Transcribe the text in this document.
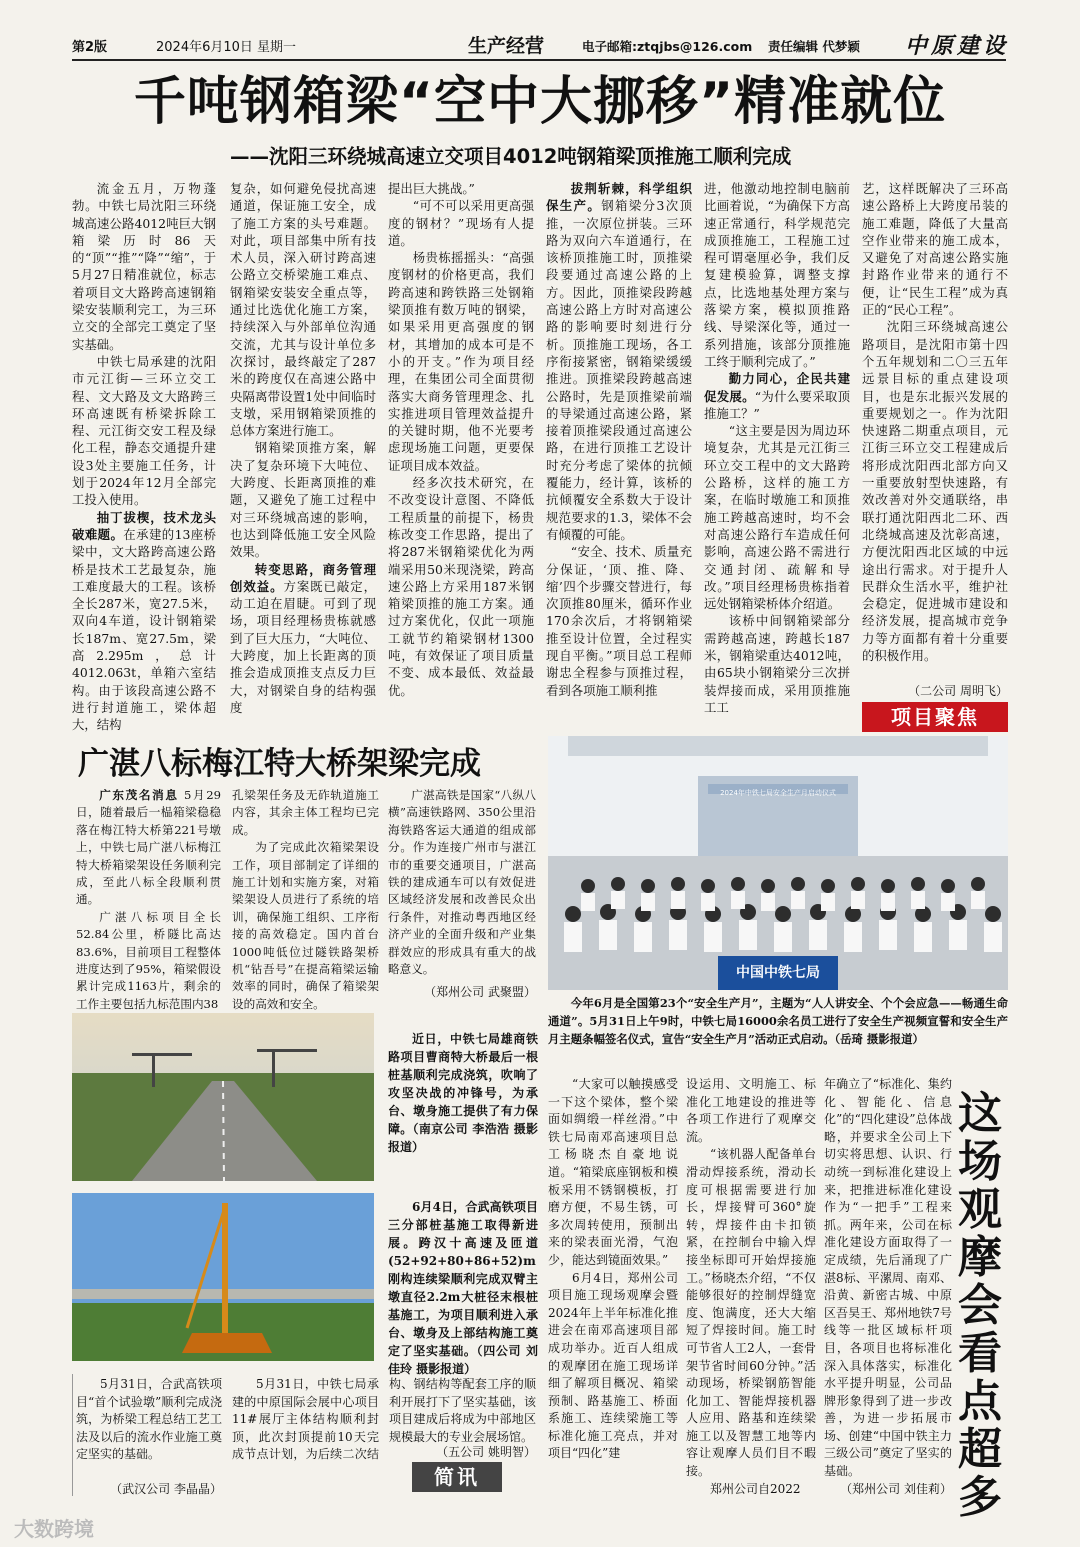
第2版	2024年6月10日 星期一	生产经营	电子邮箱:ztqjbs@126.com 责任编辑 代梦颖 中原建设
千吨钢箱梁“空中大挪移”精准就位
——沈阳三环绕城高速立交项目4012吨钢箱梁顶推施工顺利完成

流金五月，万物蓬勃。中铁七局沈阳三环绕城高速公路4012吨巨大钢箱梁历时86天的“顶”“推”“降”“缩”，于5月27日精准就位，标志着项目文大路跨高速钢箱梁安装顺利完工，为三环立交的全部完工奠定了坚实基础。

中铁七局承建的沈阳市元江街—三环立交工程、文大路及文大路跨三环高速既有桥梁拆除工程、元江街交安工程及绿化工程，静态交通提升建设3处主要施工任务，计划于2024年12月全部完工投入使用。

抽丁拔楔，技术龙头破难题。在承建的13座桥梁中，文大路跨高速公路桥是技术工艺最复杂，施工难度最大的工程。该桥全长287米，宽27.5米，双向4车道，设计钢箱梁长187m、宽27.5m，梁高2.295m，总计4012.063t，单箱六室结构。由于该段高速公路不进行封道施工，梁体超大，结构

复杂，如何避免侵扰高速通道，保证施工安全，成了施工方案的头号难题。对此，项目部集中所有技术人员，深入研讨跨高速公路立交桥梁施工难点、钢箱梁安装安全重点等，通过比选优化施工方案，持续深入与外部单位沟通交流，尤其与设计单位多次探讨，最终敲定了287米的跨度仅在高速公路中央隔离带设置1处中间临时支墩，采用钢箱梁顶推的总体方案进行施工。

钢箱梁顶推方案，解决了复杂环境下大吨位、大跨度、长距离顶推的难题，又避免了施工过程中对三环绕城高速的影响，也达到降低施工安全风险效果。

转变思路，商务管理创效益。方案既已敲定，动工迫在眉睫。可到了现场，项目经理杨贵栋就感到了巨大压力，“大吨位、大跨度，加上长距离的顶推会造成顶推支点反力巨大，对钢梁自身的结构强度

提出巨大挑战。”

“可不可以采用更高强度的钢材？”现场有人提道。

杨贵栋摇摇头：“高强度钢材的价格更高，我们跨高速和跨铁路三处钢箱梁顶推有数万吨的钢梁，如果采用更高强度的钢材，其增加的成本可是不小的开支。”作为项目经理，在集团公司全面贯彻落实大商务管理理念、扎实推进项目管理效益提升的关键时期，他不光要考虑现场施工问题，更要保证项目成本效益。

经多次技术研究，在不改变设计意图、不降低工程质量的前提下，杨贵栋改变工作思路，提出了将287米钢箱梁优化为两端采用50米现浇梁，跨高速公路上方采用187米钢箱梁顶推的施工方案。通过方案优化，仅此一项施工就节约箱梁钢材1300吨，有效保证了项目质量不变、成本最低、效益最优。

拔荆斩棘，科学组织保生产。钢箱梁分3次顶推，一次原位拼装。三环路为双向六车道通行，在该桥顶推施工时，顶推梁段要通过高速公路的上方。因此，顶推梁段跨越高速公路上方时对高速公路的影响要时刻进行分析。顶推施工现场，各工序衔接紧密，钢箱梁缓缓推进。顶推梁段跨越高速公路时，先是顶推梁前端的导梁通过高速公路，紧接着顶推梁段通过高速公路，在进行顶推工艺设计时充分考虑了梁体的抗倾覆能力，经计算，该桥的抗倾覆安全系数大于设计规范要求的1.3，梁体不会有倾覆的可能。

“安全、技术、质量充分保证，‘顶、推、降、缩’四个步骤交替进行，每次顶推80厘米，循环作业170余次后，才将钢箱梁推至设计位置，全过程实现自平衡。”项目总工程师谢忠全程参与顶推过程，看到各项施工顺利推

进，他激动地控制电脑前比画着说，“为确保下方高速正常通行，科学规范完成顶推施工，工程施工过程可谓毫厘必争，我们反复建模验算，调整支撑点，比选地基处理方案与落梁方案，模拟顶推路线、导梁深化等，通过一系列措施，该部分顶推施工终于顺利完成了。”

勤力同心，企民共建促发展。“为什么要采取顶推施工？”

“这主要是因为周边环境复杂，尤其是元江街三环立交工程中的文大路跨公路桥，这样的施工方案，在临时墩施工和顶推施工跨越高速时，均不会对高速公路行车造成任何影响，高速公路不需进行交通封闭、疏解和导改。”项目经理杨贵栋指着远处钢箱梁桥体介绍道。

该桥中间钢箱梁部分需跨越高速，跨越长187米，钢箱梁重达4012吨，由65块小钢箱梁分三次拼装焊接而成，采用顶推施工工

艺，这样既解决了三环高速公路桥上大跨度吊装的施工难题，降低了大量高空作业带来的施工成本，又避免了对高速公路实施封路作业带来的通行不便，让“民生工程”成为真正的“民心工程”。

沈阳三环绕城高速公路项目，是沈阳市第十四个五年规划和二〇三五年远景目标的重点建设项目，也是东北振兴发展的重要规划之一。作为沈阳快速路二期重点项目，元江街三环立交工程建成后将形成沈阳西北部方向又一重要放射型快速路，有效改善对外交通联络，串联打通沈阳西北二环、西北绕城高速及沈彰高速，方便沈阳西北区域的中远途出行需求。对于提升人民群众生活水平，维护社会稳定，促进城市建设和经济发展，提高城市竞争力等方面都有着十分重要的积极作用。

（二公司 周明飞）
项目聚焦
广湛八标梅江特大桥架梁完成

广东茂名消息 5月29日，随着最后一榀箱梁稳稳落在梅江特大桥第221号墩上，中铁七局广湛八标梅江特大桥箱梁架设任务顺利完成，至此八标全段顺利贯通。

广湛八标项目全长52.84公里，桥隧比高达83.6%，目前项目工程整体进度达到了95%，箱梁假设累计完成1163片，剩余的工作主要包括九标范围内38

孔梁架任务及无砟轨道施工内容，其余主体工程均已完成。

为了完成此次箱梁架设工作，项目部制定了详细的施工计划和实施方案，对箱梁架设人员进行了系统的培训，确保施工组织、工序衔接的高效稳定。国内首台1000吨低位过隧铁路架桥机“钻吾号”在提高箱梁运输效率的同时，确保了箱梁架设的高效和安全。

广湛高铁是国家“八纵八横”高速铁路网、350公里沿海铁路客运大通道的组成部分。作为连接广州市与湛江市的重要交通项目，广湛高铁的建成通车可以有效促进区域经济发展和改善民众出行条件，对推动粤西地区经济产业的全面升级和产业集群效应的形成具有重大的战略意义。

（郑州公司 武聚盟）
2024年中铁七局安全生产月启动仪式
中国中铁七局

今年6月是全国第23个“安全生产月”，主题为“人人讲安全、个个会应急——畅通生命通道”。5月31日上午9时，中铁七局16000余名员工进行了安全生产视频宣誓和安全生产月主题条幅签名仪式，宣告“安全生产月”活动正式启动。（岳琦 摄影报道）

近日，中铁七局雄商铁路项目曹商特大桥最后一根桩基顺利完成浇筑，吹响了攻坚决战的冲锋号，为承台、墩身施工提供了有力保障。（南京公司 李浩浩 摄影报道）

6月4日，合武高铁项目三分部桩基施工取得新进展。跨汉十高速及匝道(52+92+80+86+52)m刚构连续梁顺利完成双臂主墩直径2.2m大桩径末根桩基施工，为项目顺利进入承台、墩身及上部结构施工奠定了坚实基础。（四公司 刘佳玲 摄影报道）

5月31日，合武高铁项目“首个试验墩”顺利完成浇筑，为桥梁工程总结工艺工法及以后的流水作业施工奠定坚实的基础。

（武汉公司 李晶晶）

5月31日，中铁七局承建的中原国际会展中心项目11#展厅主体结构顺利封顶，此次封顶提前10天完成节点计划，为后续二次结构、钢结构等配套工序的顺利开展打下了坚实基础，该项目建成后将成为中部地区规模最大的专业会展场馆。

（五公司 姚明智）
简讯

“大家可以触摸感受一下这个梁体，整个梁面如绸缎一样丝滑。”中铁七局南邓高速项目总工杨晓杰自豪地说道。“箱梁底座钢板和模板采用不锈钢模板，打磨方便，不易生锈，可多次周转使用，预制出来的梁表面光滑，气泡少，能达到镜面效果。”

6月4日，郑州公司项目施工现场观摩会暨2024年上半年标准化推进会在南邓高速项目部成功举办。近百人组成的观摩团在施工现场详细了解项目概况、箱梁预制、路基施工、桥面系施工、连续梁施工等标准化施工亮点，并对项目“四化”建

设运用、文明施工、标准化工地建设的推进等各项工作进行了观摩交流。

“该机器人配备单台滑动焊接系统，滑动长度可根据需要进行加长，焊接臂可360°旋转，焊接件由卡扣锁紧，在控制台中输入焊接坐标即可开始焊接施工。”杨晓杰介绍，“不仅能够很好的控制焊缝宽度、饱满度，还大大缩短了焊接时间。施工时可节省人工2人，一套骨架节省时间60分钟。”活动现场，桥梁钢筋智能化加工、智能焊接机器人应用、路基和连续梁施工以及智慧工地等内容让观摩人员们目不暇接。

郑州公司自2022

年确立了“标准化、集约化、智能化、信息化”的“四化建设”总体战略，并要求全公司上下切实将思想、认识、行动统一到标准化建设上来，把推进标准化建设作为“一把手”工程来抓。两年来，公司在标准化建设方面取得了一定成绩，先后涌现了广湛8标、平漯周、南邓、沿黄、新密古城、中原区吾昊王、郑州地铁7号线等一批区域标杆项目，各项目也将标准化深入具体落实，标准化水平提升明显，公司品牌形象得到了进一步改善，为进一步拓展市场、创建“中国中铁主力三级公司”奠定了坚实的基础。

（郑州公司 刘佳莉）
这场观摩会看点超多
大数跨境
